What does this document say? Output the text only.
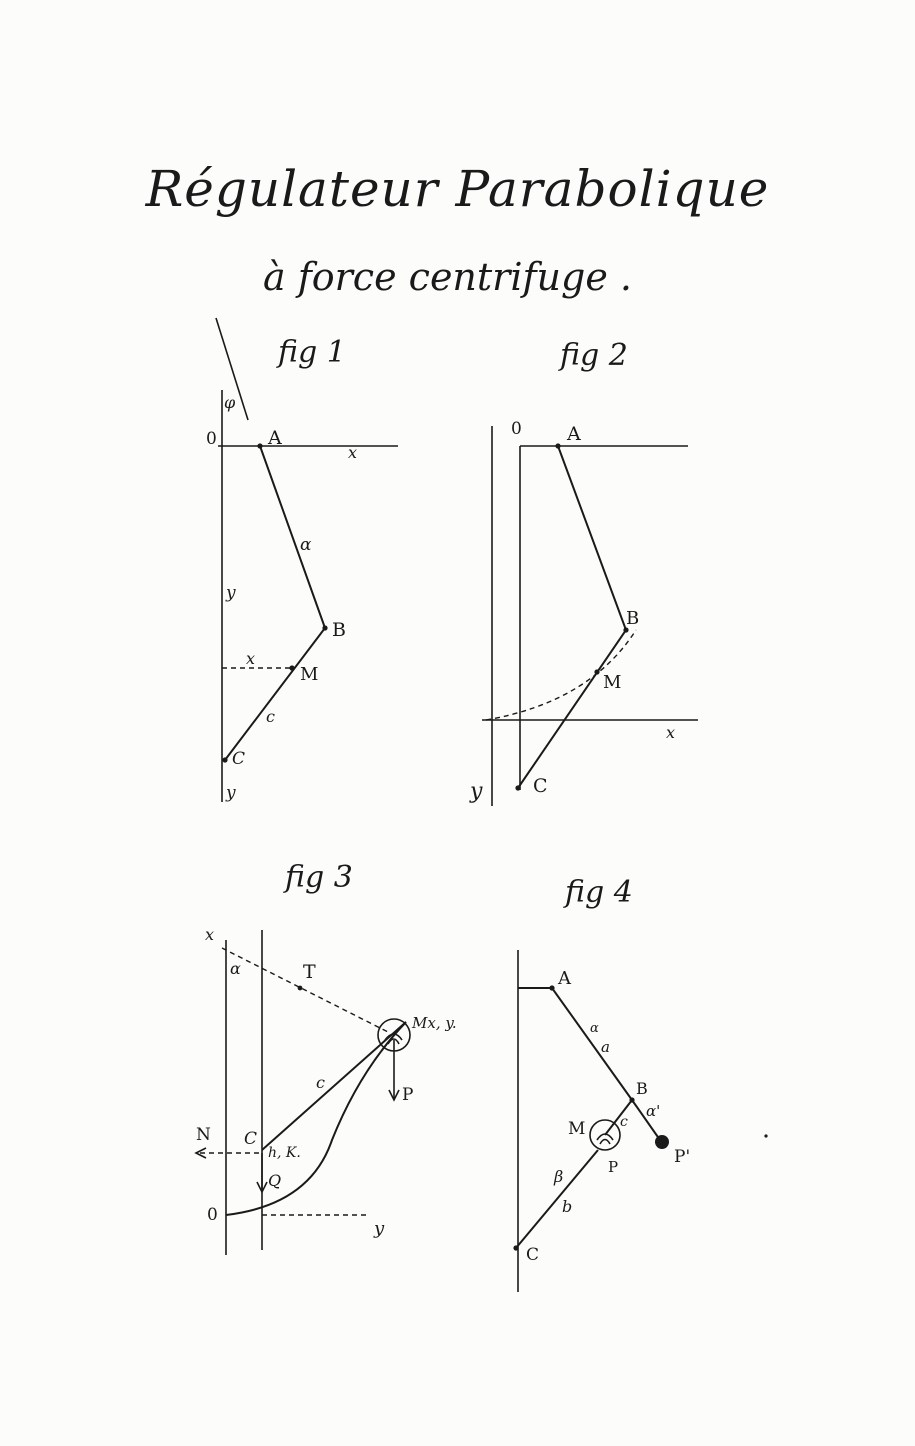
Régulateur Parabolique
à force centrifuge .
fig 1	fig 2
fig 3	fig 4
φ
0	A
x
α
y
B
x
M
c
C
y
0 A
B
M
x
y	C
x
α	T
Mx, y.
P
c
N C
h, K.
Q
0
y
A
α
a
B
α'
c
M
P'
P
β
b
C
